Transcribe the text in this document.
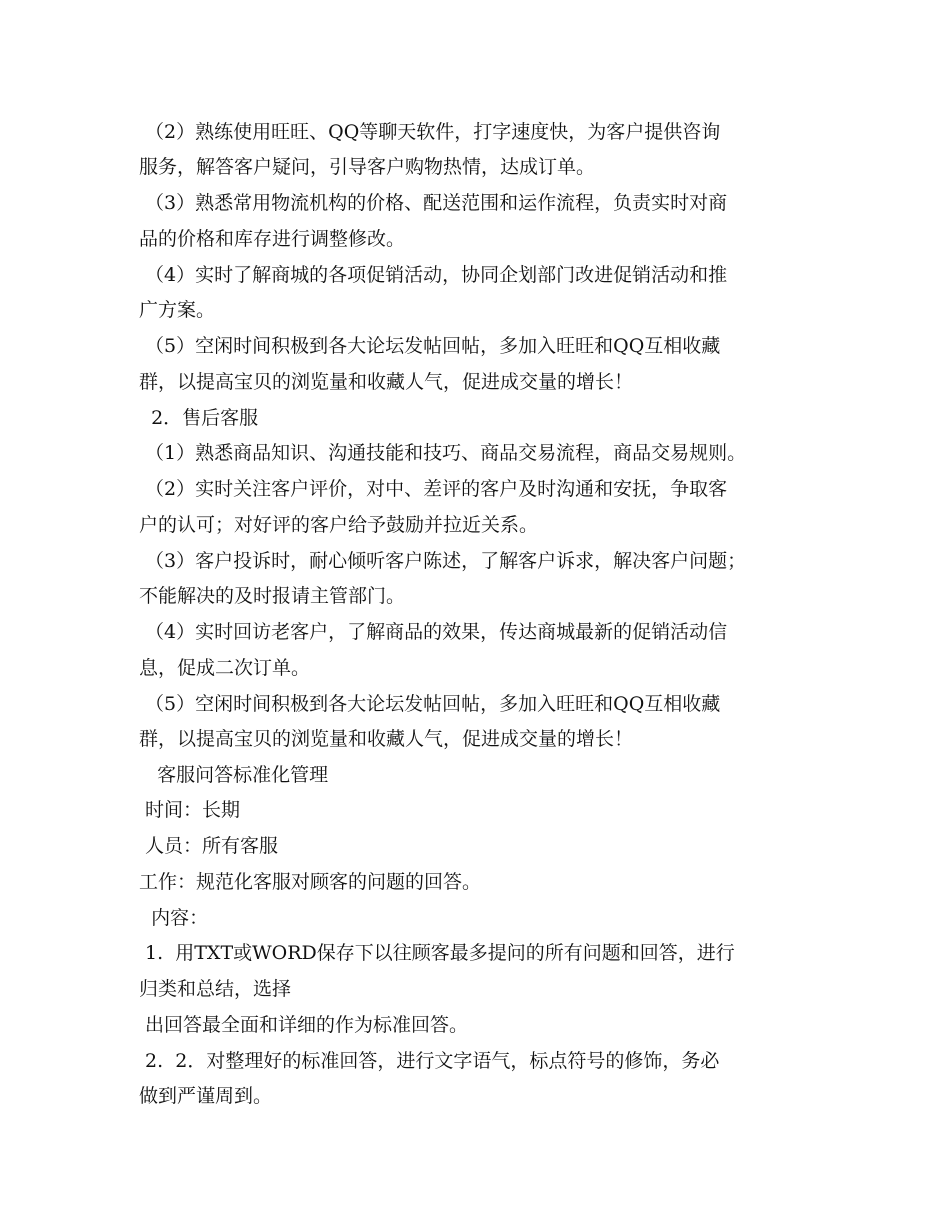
（2）熟练使用旺旺、QQ等聊天软件，打字速度快，为客户提供咨询

服务，解答客户疑问，引导客户购物热情，达成订单。

（3）熟悉常用物流机构的价格、配送范围和运作流程，负责实时对商

品的价格和库存进行调整修改。

（4）实时了解商城的各项促销活动，协同企划部门改进促销活动和推

广方案。

（5）空闲时间积极到各大论坛发帖回帖，多加入旺旺和QQ互相收藏

群，以提高宝贝的浏览量和收藏人气，促进成交量的增长！

2．售后客服

（1）熟悉商品知识、沟通技能和技巧、商品交易流程，商品交易规则。

（2）实时关注客户评价，对中、差评的客户及时沟通和安抚，争取客

户的认可；对好评的客户给予鼓励并拉近关系。

（3）客户投诉时，耐心倾听客户陈述，了解客户诉求，解决客户问题；

不能解决的及时报请主管部门。

（4）实时回访老客户，了解商品的效果，传达商城最新的促销活动信

息，促成二次订单。

（5）空闲时间积极到各大论坛发帖回帖，多加入旺旺和QQ互相收藏

群，以提高宝贝的浏览量和收藏人气，促进成交量的增长！

客服问答标准化管理

时间：长期

人员：所有客服

工作：规范化客服对顾客的问题的回答。

内容：

1.  用TXT或WORD保存下以往顾客最多提问的所有问题和回答，进行

归类和总结，选择

出回答最全面和详细的作为标准回答。

2.  2．对整理好的标准回答，进行文字语气，标点符号的修饰，务必

做到严谨周到。
